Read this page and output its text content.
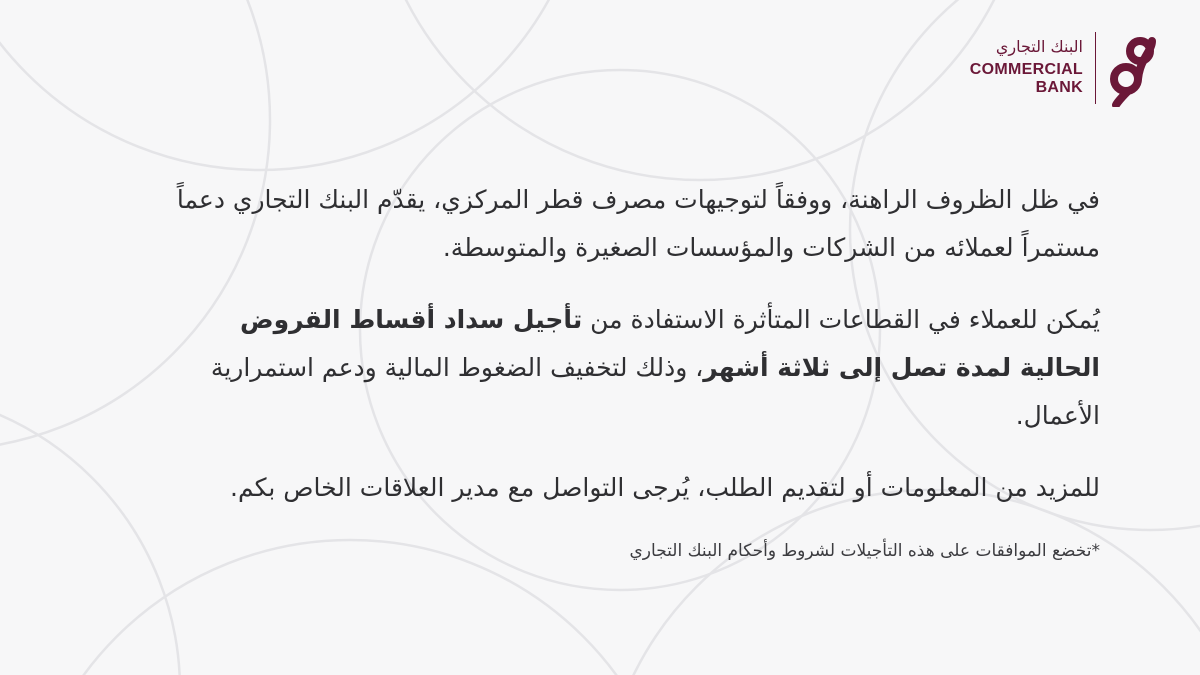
البنك التجاري
COMMERCIAL
BANK

في ظل الظروف الراهنة، ووفقاً لتوجيهات مصرف قطر المركزي، يقدّم البنك التجاري دعماً مستمراً لعملائه من الشركات والمؤسسات الصغيرة والمتوسطة.

يُمكن للعملاء في القطاعات المتأثرة الاستفادة من تأجيل سداد أقساط القروض الحالية لمدة تصل إلى ثلاثة أشهر، وذلك لتخفيف الضغوط المالية ودعم استمرارية الأعمال.

للمزيد من المعلومات أو لتقديم الطلب، يُرجى التواصل مع مدير العلاقات الخاص بكم.

*تخضع الموافقات على هذه التأجيلات لشروط وأحكام البنك التجاري
